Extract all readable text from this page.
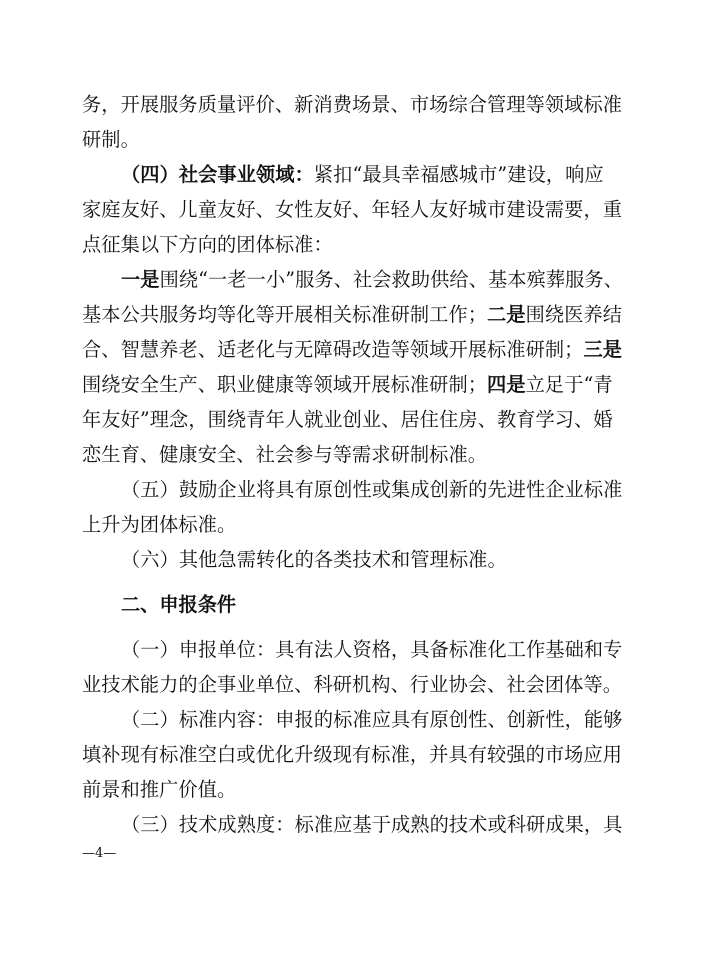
务，开展服务质量评价、新消费场景、市场综合管理等领域标准
研制。
（四）社会事业领域：紧扣“最具幸福感城市”建设，响应
家庭友好、儿童友好、女性友好、年轻人友好城市建设需要，重
点征集以下方向的团体标准：
一是围绕“一老一小”服务、社会救助供给、基本殡葬服务、
基本公共服务均等化等开展相关标准研制工作；二是围绕医养结
合、智慧养老、适老化与无障碍改造等领域开展标准研制；三是
围绕安全生产、职业健康等领域开展标准研制；四是立足于“青
年友好”理念，围绕青年人就业创业、居住住房、教育学习、婚
恋生育、健康安全、社会参与等需求研制标准。
（五）鼓励企业将具有原创性或集成创新的先进性企业标准
上升为团体标准。
（六）其他急需转化的各类技术和管理标准。
二、申报条件
（一）申报单位：具有法人资格，具备标准化工作基础和专
业技术能力的企事业单位、科研机构、行业协会、社会团体等。
（二）标准内容：申报的标准应具有原创性、创新性，能够
填补现有标准空白或优化升级现有标准，并具有较强的市场应用
前景和推广价值。
（三）技术成熟度：标准应基于成熟的技术或科研成果，具
—4—
